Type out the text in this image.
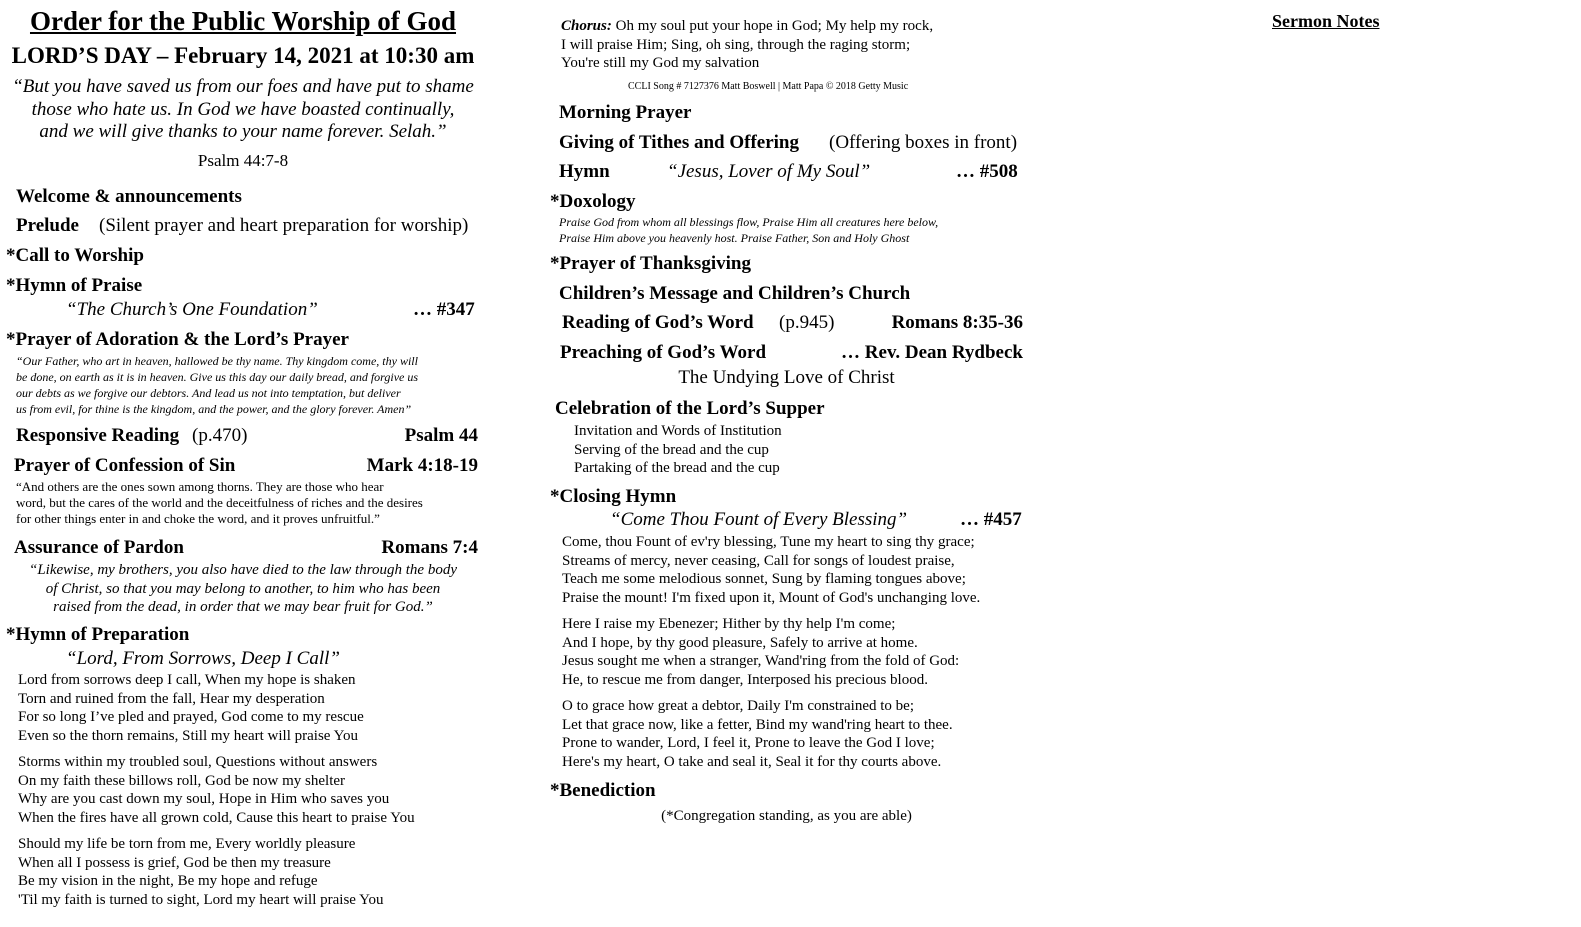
Order for the Public Worship of God
LORD’S DAY – February 14, 2021 at 10:30 am
“But you have saved us from our foes and have put to shame
those who hate us. In God we have boasted continually,
and we will give thanks to your name forever. Selah.”
Psalm 44:7-8
Welcome & announcements
Prelude (Silent prayer and heart preparation for worship)
*Call to Worship
*Hymn of Praise
“The Church’s One Foundation”	… #347
*Prayer of Adoration & the Lord’s Prayer
“Our Father, who art in heaven, hallowed be thy name. Thy kingdom come, thy will
be done, on earth as it is in heaven. Give us this day our daily bread, and forgive us
our debts as we forgive our debtors. And lead us not into temptation, but deliver
us from evil, for thine is the kingdom, and the power, and the glory forever. Amen”
Responsive Reading (p.470)	Psalm 44
Prayer of Confession of Sin	Mark 4:18-19
“And others are the ones sown among thorns. They are those who hear
word, but the cares of the world and the deceitfulness of riches and the desires
for other things enter in and choke the word, and it proves unfruitful.”
Assurance of Pardon	Romans 7:4
“Likewise, my brothers, you also have died to the law through the body
of Christ, so that you may belong to another, to him who has been
raised from the dead, in order that we may bear fruit for God.”
*Hymn of Preparation
“Lord, From Sorrows, Deep I Call”
Lord from sorrows deep I call, When my hope is shaken
Torn and ruined from the fall, Hear my desperation
For so long I’ve pled and prayed, God come to my rescue
Even so the thorn remains, Still my heart will praise You
Storms within my troubled soul, Questions without answers
On my faith these billows roll, God be now my shelter
Why are you cast down my soul, Hope in Him who saves you
When the fires have all grown cold, Cause this heart to praise You
Should my life be torn from me, Every worldly pleasure
When all I possess is grief, God be then my treasure
Be my vision in the night, Be my hope and refuge
'Til my faith is turned to sight, Lord my heart will praise You
Chorus: Oh my soul put your hope in God; My help my rock,
I will praise Him; Sing, oh sing, through the raging storm;
You're still my God my salvation
CCLI Song # 7127376 Matt Boswell | Matt Papa © 2018 Getty Music
Morning Prayer
Giving of Tithes and Offering (Offering boxes in front)
Hymn	“Jesus, Lover of My Soul”	… #508
*Doxology
Praise God from whom all blessings flow, Praise Him all creatures here below,
Praise Him above you heavenly host. Praise Father, Son and Holy Ghost
*Prayer of Thanksgiving
Children’s Message and Children’s Church
Reading of God’s Word (p.945)	Romans 8:35-36
Preaching of God’s Word	… Rev. Dean Rydbeck
The Undying Love of Christ
Celebration of the Lord’s Supper
Invitation and Words of Institution
Serving of the bread and the cup
Partaking of the bread and the cup
*Closing Hymn
“Come Thou Fount of Every Blessing”	… #457
Come, thou Fount of ev'ry blessing, Tune my heart to sing thy grace;
Streams of mercy, never ceasing, Call for songs of loudest praise,
Teach me some melodious sonnet, Sung by flaming tongues above;
Praise the mount! I'm fixed upon it, Mount of God's unchanging love.
Here I raise my Ebenezer; Hither by thy help I'm come;
And I hope, by thy good pleasure, Safely to arrive at home.
Jesus sought me when a stranger, Wand'ring from the fold of God:
He, to rescue me from danger, Interposed his precious blood.
O to grace how great a debtor, Daily I'm constrained to be;
Let that grace now, like a fetter, Bind my wand'ring heart to thee.
Prone to wander, Lord, I feel it, Prone to leave the God I love;
Here's my heart, O take and seal it, Seal it for thy courts above.
*Benediction
(*Congregation standing, as you are able)
Sermon Notes
